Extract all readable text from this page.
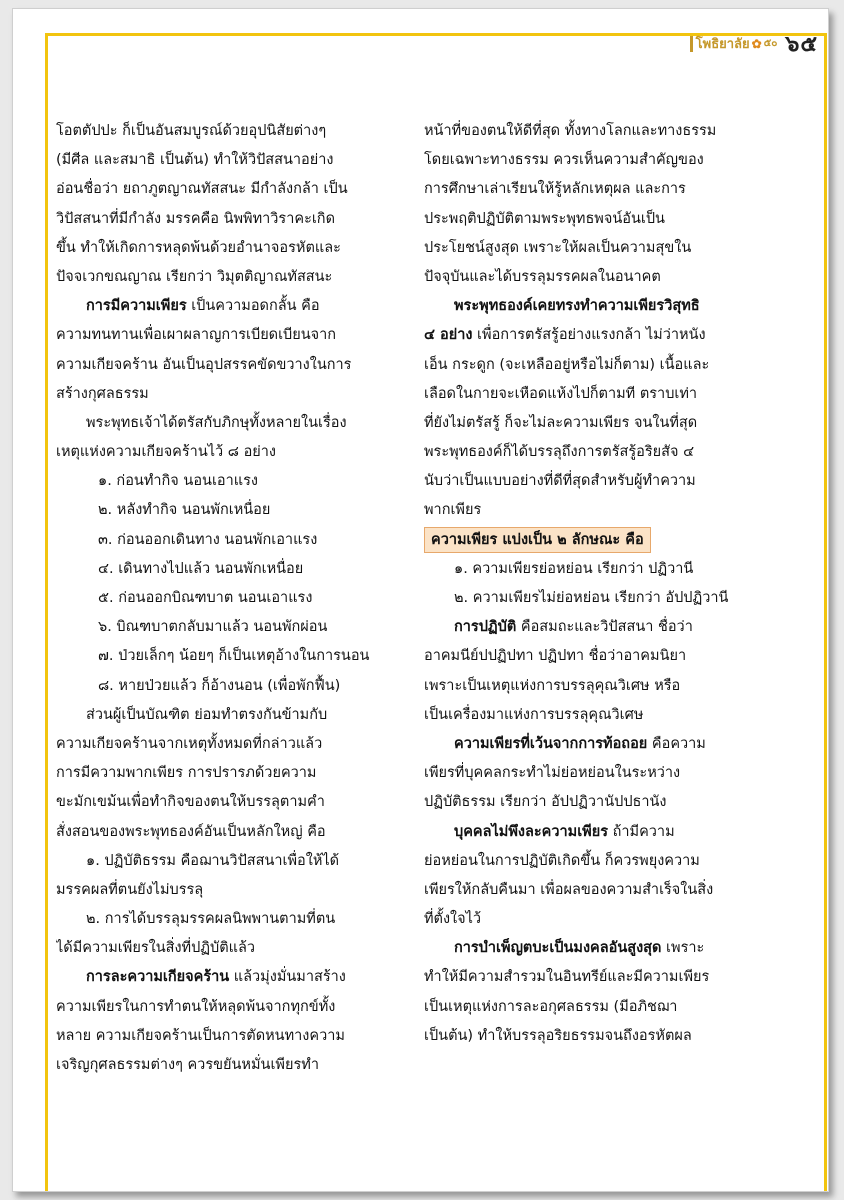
โพธิยาลัย ✿ ๕๐ ๖๕
โอตตัปปะ ก็เป็นอันสมบูรณ์ด้วยอุปนิสัยต่างๆ
(มีศีล และสมาธิ เป็นต้น) ทำให้วิปัสสนาอย่าง
อ่อนชื่อว่า ยถาภูตญาณทัสสนะ มีกำลังกล้า เป็น
วิปัสสนาที่มีกำลัง มรรคคือ นิพพิทาวิราคะเกิด
ขึ้น ทำให้เกิดการหลุดพ้นด้วยอำนาจอรหัตและ
ปัจจเวกขณญาณ เรียกว่า วิมุตติญาณทัสสนะ
การมีความเพียร เป็นความอดกลั้น คือ
ความทนทานเพื่อเผาผลาญการเบียดเบียนจาก
ความเกียจคร้าน อันเป็นอุปสรรคขัดขวางในการ
สร้างกุศลธรรม
พระพุทธเจ้าได้ตรัสกับภิกษุทั้งหลายในเรื่อง
เหตุแห่งความเกียจคร้านไว้ ๘ อย่าง
๑. ก่อนทำกิจ นอนเอาแรง
๒. หลังทำกิจ นอนพักเหนื่อย
๓. ก่อนออกเดินทาง นอนพักเอาแรง
๔. เดินทางไปแล้ว นอนพักเหนื่อย
๕. ก่อนออกบิณฑบาต นอนเอาแรง
๖. บิณฑบาตกลับมาแล้ว นอนพักผ่อน
๗. ป่วยเล็กๆ น้อยๆ ก็เป็นเหตุอ้างในการนอน
๘. หายป่วยแล้ว ก็อ้างนอน (เพื่อพักฟื้น)
ส่วนผู้เป็นบัณฑิต ย่อมทำตรงกันข้ามกับ
ความเกียจคร้านจากเหตุทั้งหมดที่กล่าวแล้ว
การมีความพากเพียร การปรารภด้วยความ
ขะมักเขม้นเพื่อทำกิจของตนให้บรรลุตามคำ
สั่งสอนของพระพุทธองค์อันเป็นหลักใหญ่ คือ
๑. ปฏิบัติธรรม คือฌานวิปัสสนาเพื่อให้ได้
มรรคผลที่ตนยังไม่บรรลุ
๒. การได้บรรลุมรรคผลนิพพานตามที่ตน
ได้มีความเพียรในสิ่งที่ปฏิบัติแล้ว
การละความเกียจคร้าน แล้วมุ่งมั่นมาสร้าง
ความเพียรในการทำตนให้หลุดพ้นจากทุกข์ทั้ง
หลาย ความเกียจคร้านเป็นการตัดหนทางความ
เจริญกุศลธรรมต่างๆ ควรขยันหมั่นเพียรทำ
หน้าที่ของตนให้ดีที่สุด ทั้งทางโลกและทางธรรม
โดยเฉพาะทางธรรม ควรเห็นความสำคัญของ
การศึกษาเล่าเรียนให้รู้หลักเหตุผล และการ
ประพฤติปฏิบัติตามพระพุทธพจน์อันเป็น
ประโยชน์สูงสุด เพราะให้ผลเป็นความสุขใน
ปัจจุบันและได้บรรลุมรรคผลในอนาคต
พระพุทธองค์เคยทรงทำความเพียรวิสุทธิ
๔ อย่าง เพื่อการตรัสรู้อย่างแรงกล้า ไม่ว่าหนัง
เอ็น กระดูก (จะเหลืออยู่หรือไม่ก็ตาม) เนื้อและ
เลือดในกายจะเหือดแห้งไปก็ตามที ตราบเท่า
ที่ยังไม่ตรัสรู้ ก็จะไม่ละความเพียร จนในที่สุด
พระพุทธองค์ก็ได้บรรลุถึงการตรัสรู้อริยสัจ ๔
นับว่าเป็นแบบอย่างที่ดีที่สุดสำหรับผู้ทำความ
พากเพียร
ความเพียร แบ่งเป็น ๒ ลักษณะ คือ
๑. ความเพียรย่อหย่อน เรียกว่า ปฏิวานี
๒. ความเพียรไม่ย่อหย่อน เรียกว่า อัปปฏิวานี
การปฏิบัติ คือสมถะและวิปัสสนา ชื่อว่า
อาคมนีย์ปปฏิปทา ปฏิปทา ชื่อว่าอาคมนิยา
เพราะเป็นเหตุแห่งการบรรลุคุณวิเศษ หรือ
เป็นเครื่องมาแห่งการบรรลุคุณวิเศษ
ความเพียรที่เว้นจากการท้อถอย คือความ
เพียรที่บุคคลกระทำไม่ย่อหย่อนในระหว่าง
ปฏิบัติธรรม เรียกว่า อัปปฏิวานัปปธานัง
บุคคลไม่พึงละความเพียร ถ้ามีความ
ย่อหย่อนในการปฏิบัติเกิดขึ้น ก็ควรพยุงความ
เพียรให้กลับคืนมา เพื่อผลของความสำเร็จในสิ่ง
ที่ตั้งใจไว้
การบำเพ็ญตบะเป็นมงคลอันสูงสุด เพราะ
ทำให้มีความสำรวมในอินทรีย์และมีความเพียร
เป็นเหตุแห่งการละอกุศลธรรม (มีอภิชฌา
เป็นต้น) ทำให้บรรลุอริยธรรมจนถึงอรหัตผล
